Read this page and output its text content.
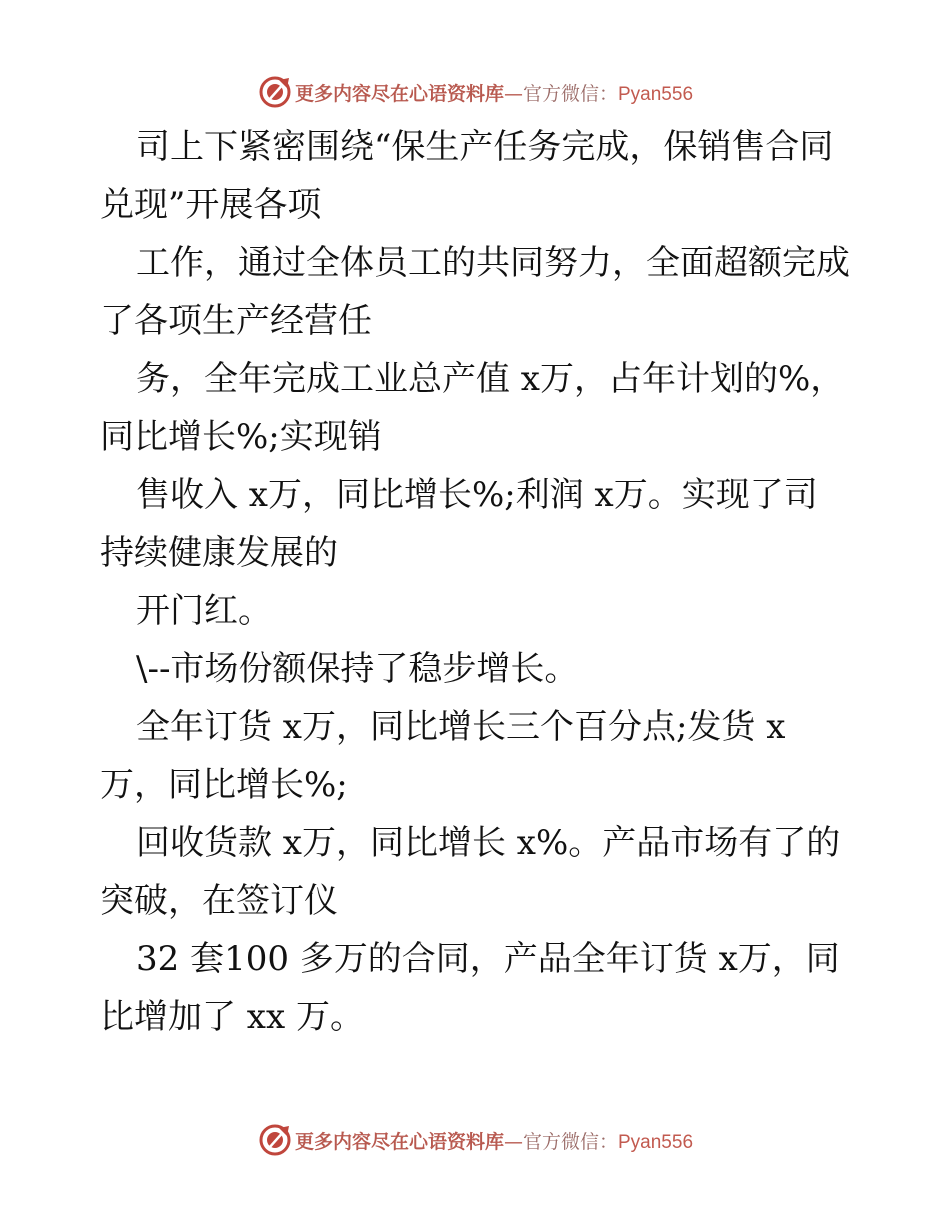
更多内容尽在心语资料库—官方微信：Pyan556
司上下紧密围绕“保生产任务完成，保销售合同
兑现”开展各项
工作，通过全体员工的共同努力，全面超额完成
了各项生产经营任
务，全年完成工业总产值 x万，占年计划的%，
同比增长%;实现销
售收入 x万，同比增长%;利润 x万。实现了司
持续健康发展的
开门红。
\--市场份额保持了稳步增长。
全年订货 x万，同比增长三个百分点;发货 x
万，同比增长%;
回收货款 x万，同比增长 x%。产品市场有了的
突破，在签订仪
32 套100 多万的合同，产品全年订货 x万，同
比增加了 xx 万。
更多内容尽在心语资料库—官方微信：Pyan556
